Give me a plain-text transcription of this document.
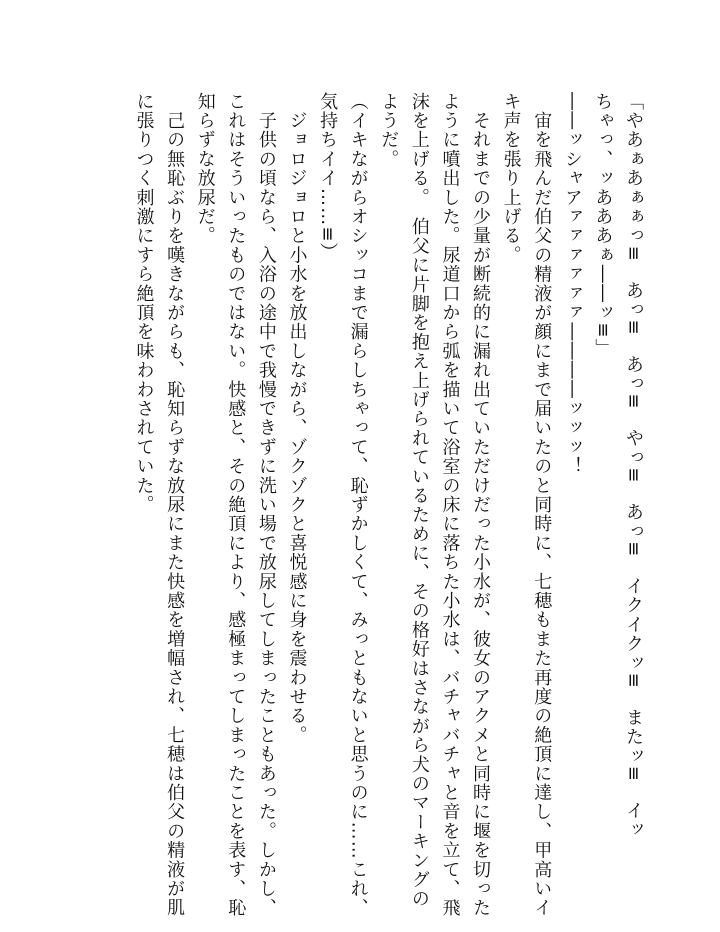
「やあぁあぁぁっ≡　あっ≡　あっ≡　やっ≡　あっ≡　イクイクッ≡　またッ≡　イッ
ちゃっ、ッあああぁ――ッ≡」
――ッシャアァァァァァァ――――ッッッ！
　宙を飛んだ伯父の精液が顔にまで届いたのと同時に、七穂もまた再度の絶頂に達し、甲高いイ
キ声を張り上げる。
　それまでの少量が断続的に漏れ出ていただけだった小水が、彼女のアクメと同時に堰を切った
ように噴出した。尿道口から弧を描いて浴室の床に落ちた小水は、バチャバチャと音を立て、飛
沫を上げる。　伯父に片脚を抱え上げられているために、その格好はさながら犬のマーキングの
ようだ。
（イキながらオシッコまで漏らしちゃって、恥ずかしくて、みっともないと思うのに……これ、
気持ちイイ……≡）
　ジョロジョロと小水を放出しながら、ゾクゾクと喜悦感に身を震わせる。
　子供の頃なら、入浴の途中で我慢できずに洗い場で放尿してしまったこともあった。しかし、
これはそういったものではない。快感と、その絶頂により、感極まってしまったことを表す、恥
知らずな放尿だ。
　己の無恥ぶりを嘆きながらも、恥知らずな放尿にまた快感を増幅され、七穂は伯父の精液が肌
に張りつく刺激にすら絶頂を味わわされていた。
